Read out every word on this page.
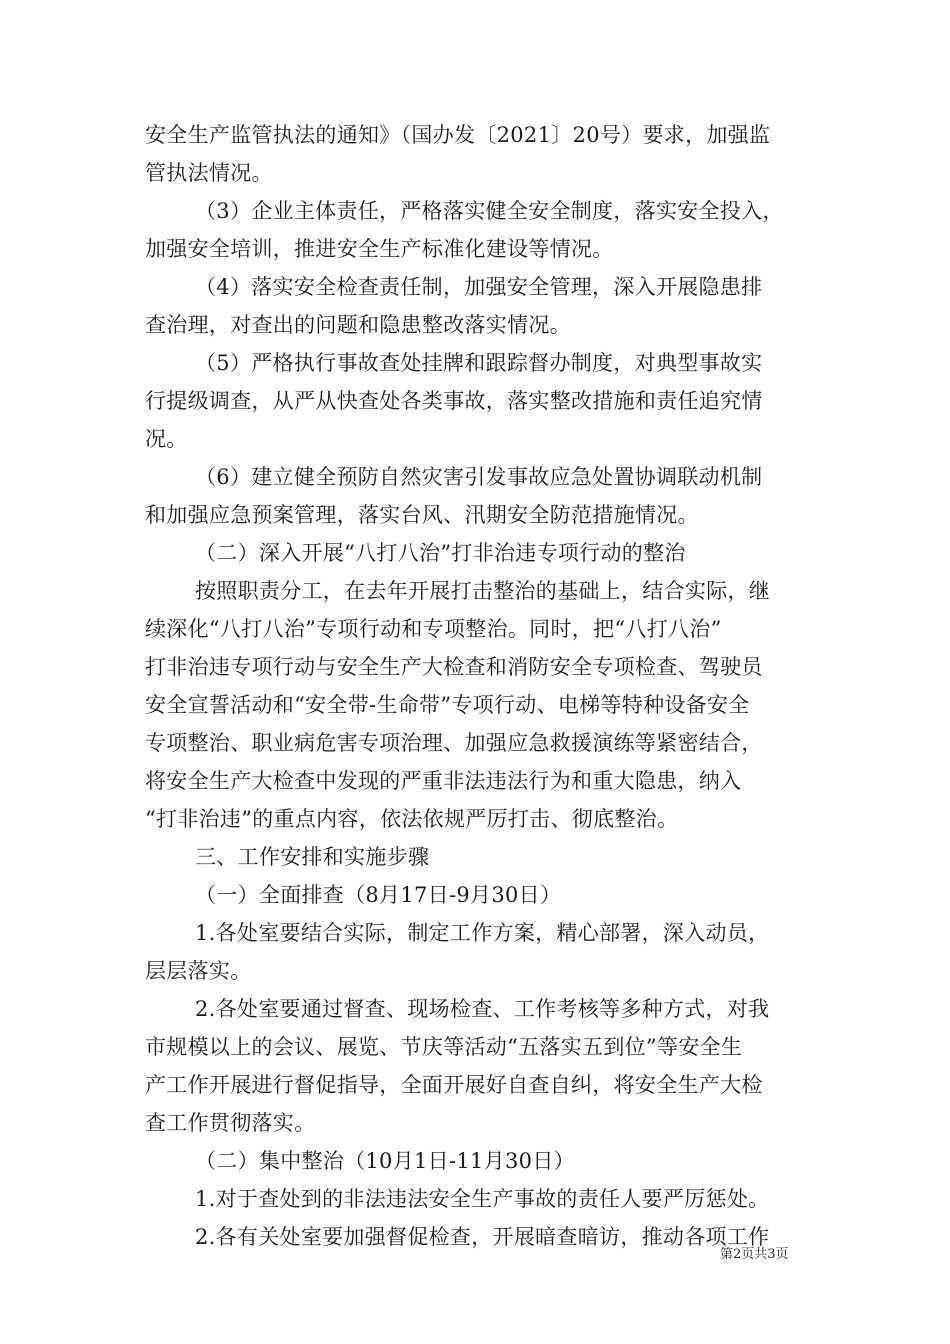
安全生产监管执法的通知》（国办发〔2021〕20号）要求，加强监
管执法情况。
（3）企业主体责任，严格落实健全安全制度，落实安全投入，
加强安全培训，推进安全生产标准化建设等情况。
（4）落实安全检查责任制，加强安全管理，深入开展隐患排
查治理，对查出的问题和隐患整改落实情况。
（5）严格执行事故查处挂牌和跟踪督办制度，对典型事故实
行提级调查，从严从快查处各类事故，落实整改措施和责任追究情
况。
（6）建立健全预防自然灾害引发事故应急处置协调联动机制
和加强应急预案管理，落实台风、汛期安全防范措施情况。
（二）深入开展“八打八治”打非治违专项行动的整治
按照职责分工，在去年开展打击整治的基础上，结合实际，继
续深化“八打八治”专项行动和专项整治。同时，把“八打八治”
打非治违专项行动与安全生产大检查和消防安全专项检查、驾驶员
安全宣誓活动和“安全带-生命带”专项行动、电梯等特种设备安全
专项整治、职业病危害专项治理、加强应急救援演练等紧密结合，
将安全生产大检查中发现的严重非法违法行为和重大隐患，纳入
“打非治违”的重点内容，依法依规严厉打击、彻底整治。
三、工作安排和实施步骤
（一）全面排查（8月17日-9月30日）
1.各处室要结合实际，制定工作方案，精心部署，深入动员，
层层落实。
2.各处室要通过督查、现场检查、工作考核等多种方式，对我
市规模以上的会议、展览、节庆等活动“五落实五到位”等安全生
产工作开展进行督促指导，全面开展好自查自纠，将安全生产大检
查工作贯彻落实。
（二）集中整治（10月1日-11月30日）
1.对于查处到的非法违法安全生产事故的责任人要严厉惩处。
2.各有关处室要加强督促检查，开展暗查暗访，推动各项工作
第2页共3页
